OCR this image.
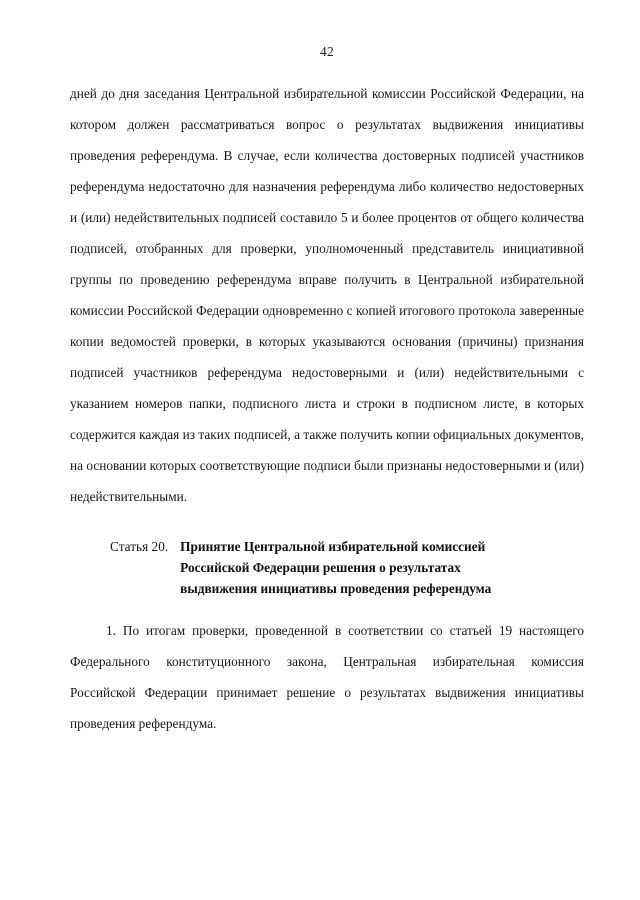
42

дней до дня заседания Центральной избирательной комиссии Российской Федерации, на котором должен рассматриваться вопрос о результатах выдвижения инициативы проведения референдума. В случае, если количества достоверных подписей участников референдума недостаточно для назначения референдума либо количество недостоверных и (или) недействительных подписей составило 5 и более процентов от общего количества подписей, отобранных для проверки, уполномоченный представитель инициативной группы по проведению референдума вправе получить в Центральной избирательной комиссии Российской Федерации одновременно с копией итогового протокола заверенные копии ведомостей проверки, в которых указываются основания (причины) признания подписей участников референдума недостоверными и (или) недействительными с указанием номеров папки, подписного листа и строки в подписном листе, в которых содержится каждая из таких подписей, а также получить копии официальных документов, на основании которых соответствующие подписи были признаны недостоверными и (или) недействительными.

Статья 20. Принятие Центральной избирательной комиссией Российской Федерации решения о результатах выдвижения инициативы проведения референдума

1. По итогам проверки, проведенной в соответствии со статьей 19 настоящего Федерального конституционного закона, Центральная избирательная комиссия Российской Федерации принимает решение о результатах выдвижения инициативы проведения референдума.
